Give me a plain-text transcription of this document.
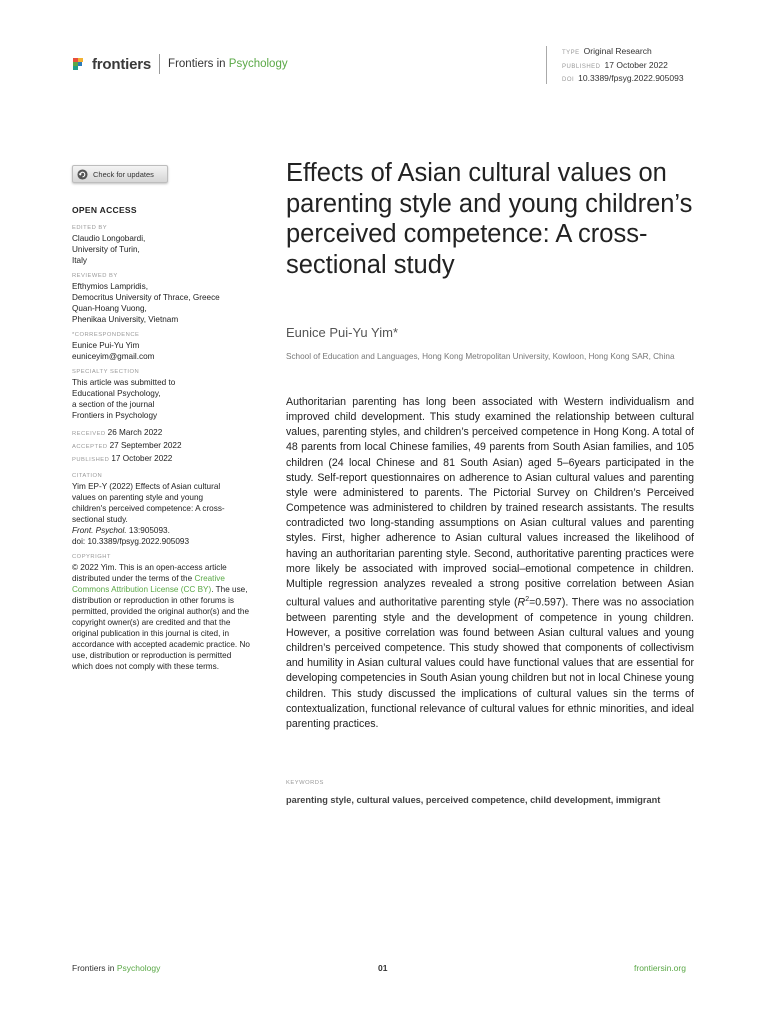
frontiers Frontiers in Psychology
TYPE Original Research
PUBLISHED 17 October 2022
DOI 10.3389/fpsyg.2022.905093
Check for updates
OPEN ACCESS
EDITED BY
Claudio Longobardi,
University of Turin,
Italy
REVIEWED BY
Efthymios Lampridis,
Democritus University of Thrace, Greece
Quan-Hoang Vuong,
Phenikaa University, Vietnam
*CORRESPONDENCE
Eunice Pui-Yu Yim
euniceyim@gmail.com
SPECIALTY SECTION
This article was submitted to
Educational Psychology,
a section of the journal
Frontiers in Psychology
RECEIVED 26 March 2022
ACCEPTED 27 September 2022
PUBLISHED 17 October 2022
CITATION
Yim EP-Y (2022) Effects of Asian cultural
values on parenting style and young
children's perceived competence: A cross-
sectional study.
Front. Psychol. 13:905093.
doi: 10.3389/fpsyg.2022.905093
COPYRIGHT
© 2022 Yim. This is an open-access article distributed under the terms of the Creative Commons Attribution License (CC BY). The use, distribution or reproduction in other forums is permitted, provided the original author(s) and the copyright owner(s) are credited and that the original publication in this journal is cited, in accordance with accepted academic practice. No use, distribution or reproduction is permitted which does not comply with these terms.
Effects of Asian cultural values on parenting style and young children’s perceived competence: A cross-sectional study
Eunice Pui-Yu Yim*
School of Education and Languages, Hong Kong Metropolitan University, Kowloon, Hong Kong SAR, China

Authoritarian parenting has long been associated with Western individualism and improved child development. This study examined the relationship between cultural values, parenting styles, and children’s perceived competence in Hong Kong. A total of 48 parents from local Chinese families, 49 parents from South Asian families, and 105 children (24 local Chinese and 81 South Asian) aged 5–6years participated in the study. Self-report questionnaires on adherence to Asian cultural values and parenting style were administered to parents. The Pictorial Survey on Children’s Perceived Competence was administered to children by trained research assistants. The results contradicted two long-standing assumptions on Asian cultural values and parenting styles. First, higher adherence to Asian cultural values increased the likelihood of having an authoritarian parenting style. Second, authoritative parenting practices were more likely be associated with improved social–emotional competence in children. Multiple regression analyzes revealed a strong positive correlation between Asian cultural values and authoritative parenting style $(R^2=0.597)$. There was no association between parenting style and the development of competence in young children. However, a positive correlation was found between Asian cultural values and young children’s perceived competence. This study showed that components of collectivism and humility in Asian cultural values could have functional values that are essential for developing competencies in South Asian young children but not in local Chinese young children. This study discussed the implications of cultural values sin the terms of contextualization, functional relevance of cultural values for ethnic minorities, and ideal parenting practices.

KEYWORDS
parenting style, cultural values, perceived competence, child development, immigrant
Frontiers in Psychology	01	frontiersin.org
